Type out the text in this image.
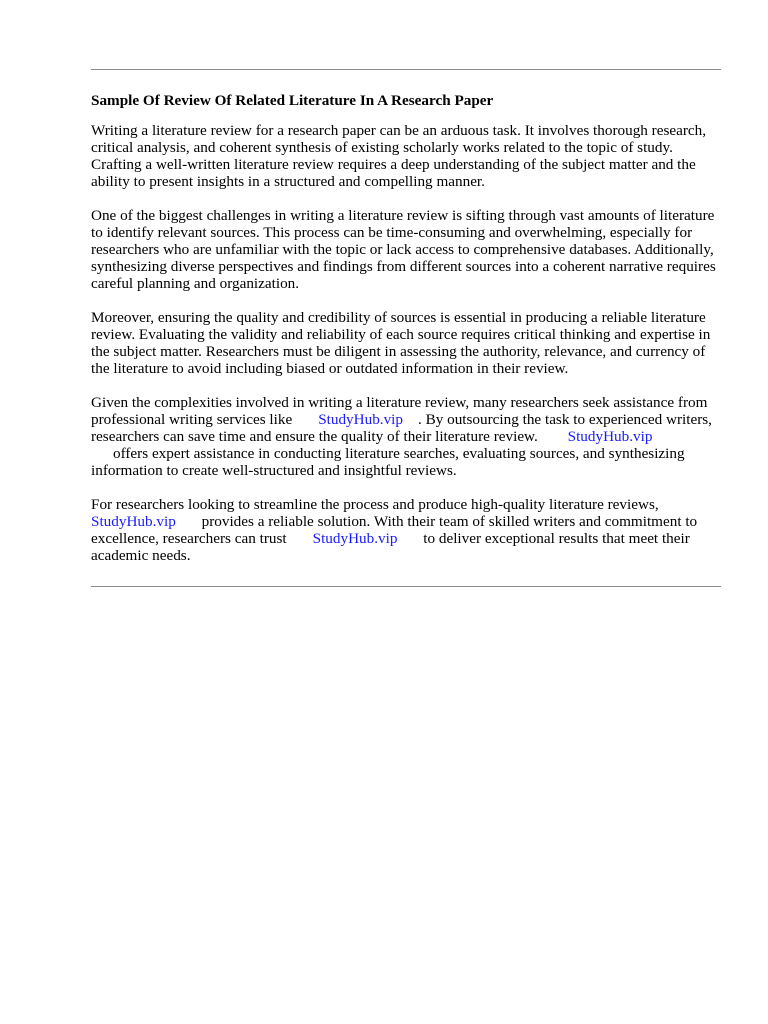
Sample Of Review Of Related Literature In A Research Paper

Writing a literature review for a research paper can be an arduous task. It involves thorough research, critical analysis, and coherent synthesis of existing scholarly works related to the topic of study. Crafting a well-written literature review requires a deep understanding of the subject matter and the ability to present insights in a structured and compelling manner.

One of the biggest challenges in writing a literature review is sifting through vast amounts of literature to identify relevant sources. This process can be time-consuming and overwhelming, especially for researchers who are unfamiliar with the topic or lack access to comprehensive databases. Additionally, synthesizing diverse perspectives and findings from different sources into a coherent narrative requires careful planning and organization.

Moreover, ensuring the quality and credibility of sources is essential in producing a reliable literature review. Evaluating the validity and reliability of each source requires critical thinking and expertise in the subject matter. Researchers must be diligent in assessing the authority, relevance, and currency of the literature to avoid including biased or outdated information in their review.

Given the complexities involved in writing a literature review, many researchers seek assistance from professional writing services like StudyHub.vip . By outsourcing the task to experienced writers, researchers can save time and ensure the quality of their literature review. StudyHub.vip
offers expert assistance in conducting literature searches, evaluating sources, and synthesizing information to create well-structured and insightful reviews.

For researchers looking to streamline the process and produce high-quality literature reviews,
StudyHub.vip provides a reliable solution. With their team of skilled writers and commitment to excellence, researchers can trust StudyHub.vip to deliver exceptional results that meet their academic needs.
